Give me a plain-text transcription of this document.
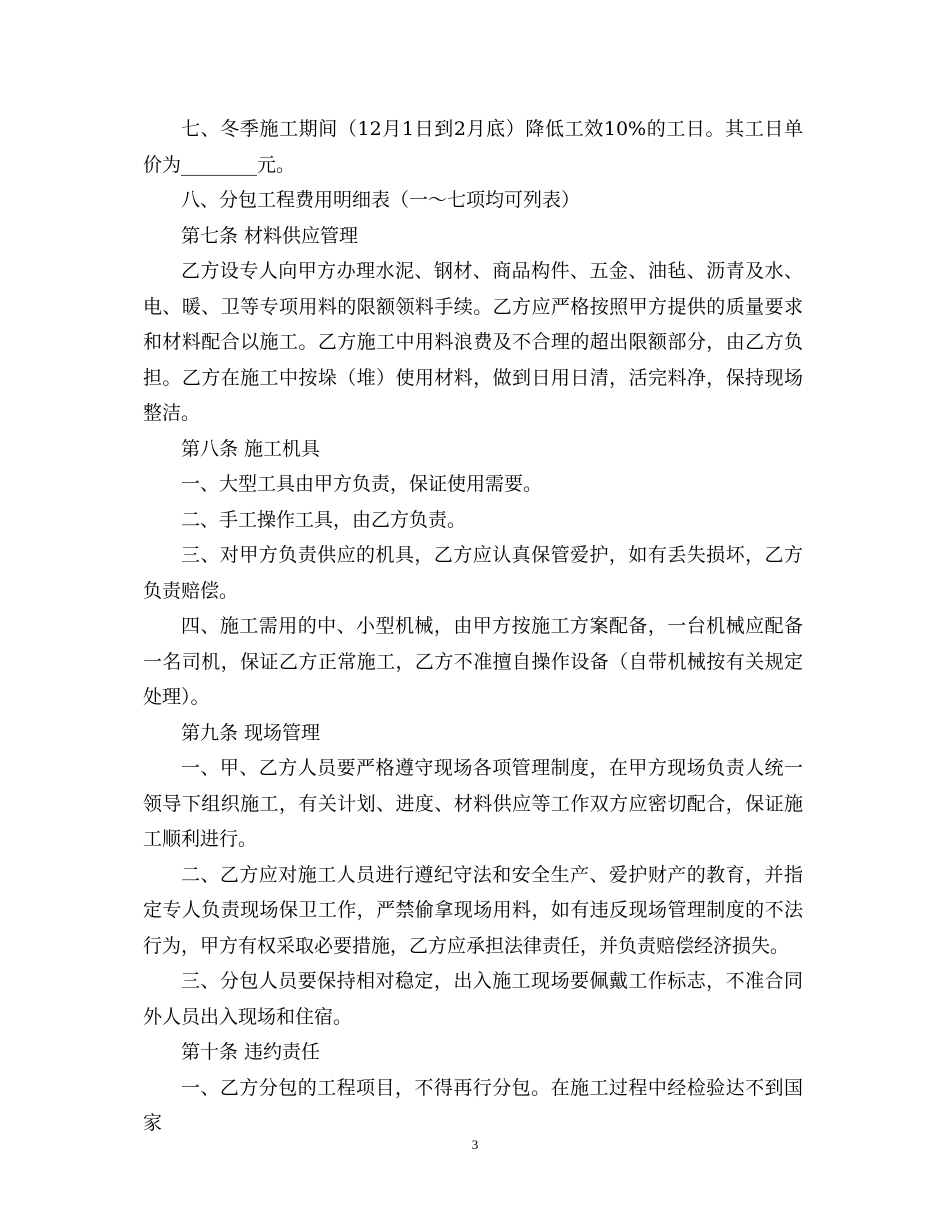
七、冬季施工期间（12月1日到2月底）降低工效10%的工日。其工日单价为________元。

八、分包工程费用明细表（一～七项均可列表）

第七条 材料供应管理

乙方设专人向甲方办理水泥、钢材、商品构件、五金、油毡、沥青及水、电、暖、卫等专项用料的限额领料手续。乙方应严格按照甲方提供的质量要求和材料配合以施工。乙方施工中用料浪费及不合理的超出限额部分，由乙方负担。乙方在施工中按垛（堆）使用材料，做到日用日清，活完料净，保持现场整洁。

第八条 施工机具

一、大型工具由甲方负责，保证使用需要。

二、手工操作工具，由乙方负责。

三、对甲方负责供应的机具，乙方应认真保管爱护，如有丢失损坏，乙方负责赔偿。

四、施工需用的中、小型机械，由甲方按施工方案配备，一台机械应配备一名司机，保证乙方正常施工，乙方不准擅自操作设备（自带机械按有关规定处理）。

第九条 现场管理

一、甲、乙方人员要严格遵守现场各项管理制度，在甲方现场负责人统一领导下组织施工，有关计划、进度、材料供应等工作双方应密切配合，保证施工顺利进行。

二、乙方应对施工人员进行遵纪守法和安全生产、爱护财产的教育，并指定专人负责现场保卫工作，严禁偷拿现场用料，如有违反现场管理制度的不法行为，甲方有权采取必要措施，乙方应承担法律责任，并负责赔偿经济损失。

三、分包人员要保持相对稳定，出入施工现场要佩戴工作标志，不准合同外人员出入现场和住宿。

第十条 违约责任

一、乙方分包的工程项目，不得再行分包。在施工过程中经检验达不到国家

3
